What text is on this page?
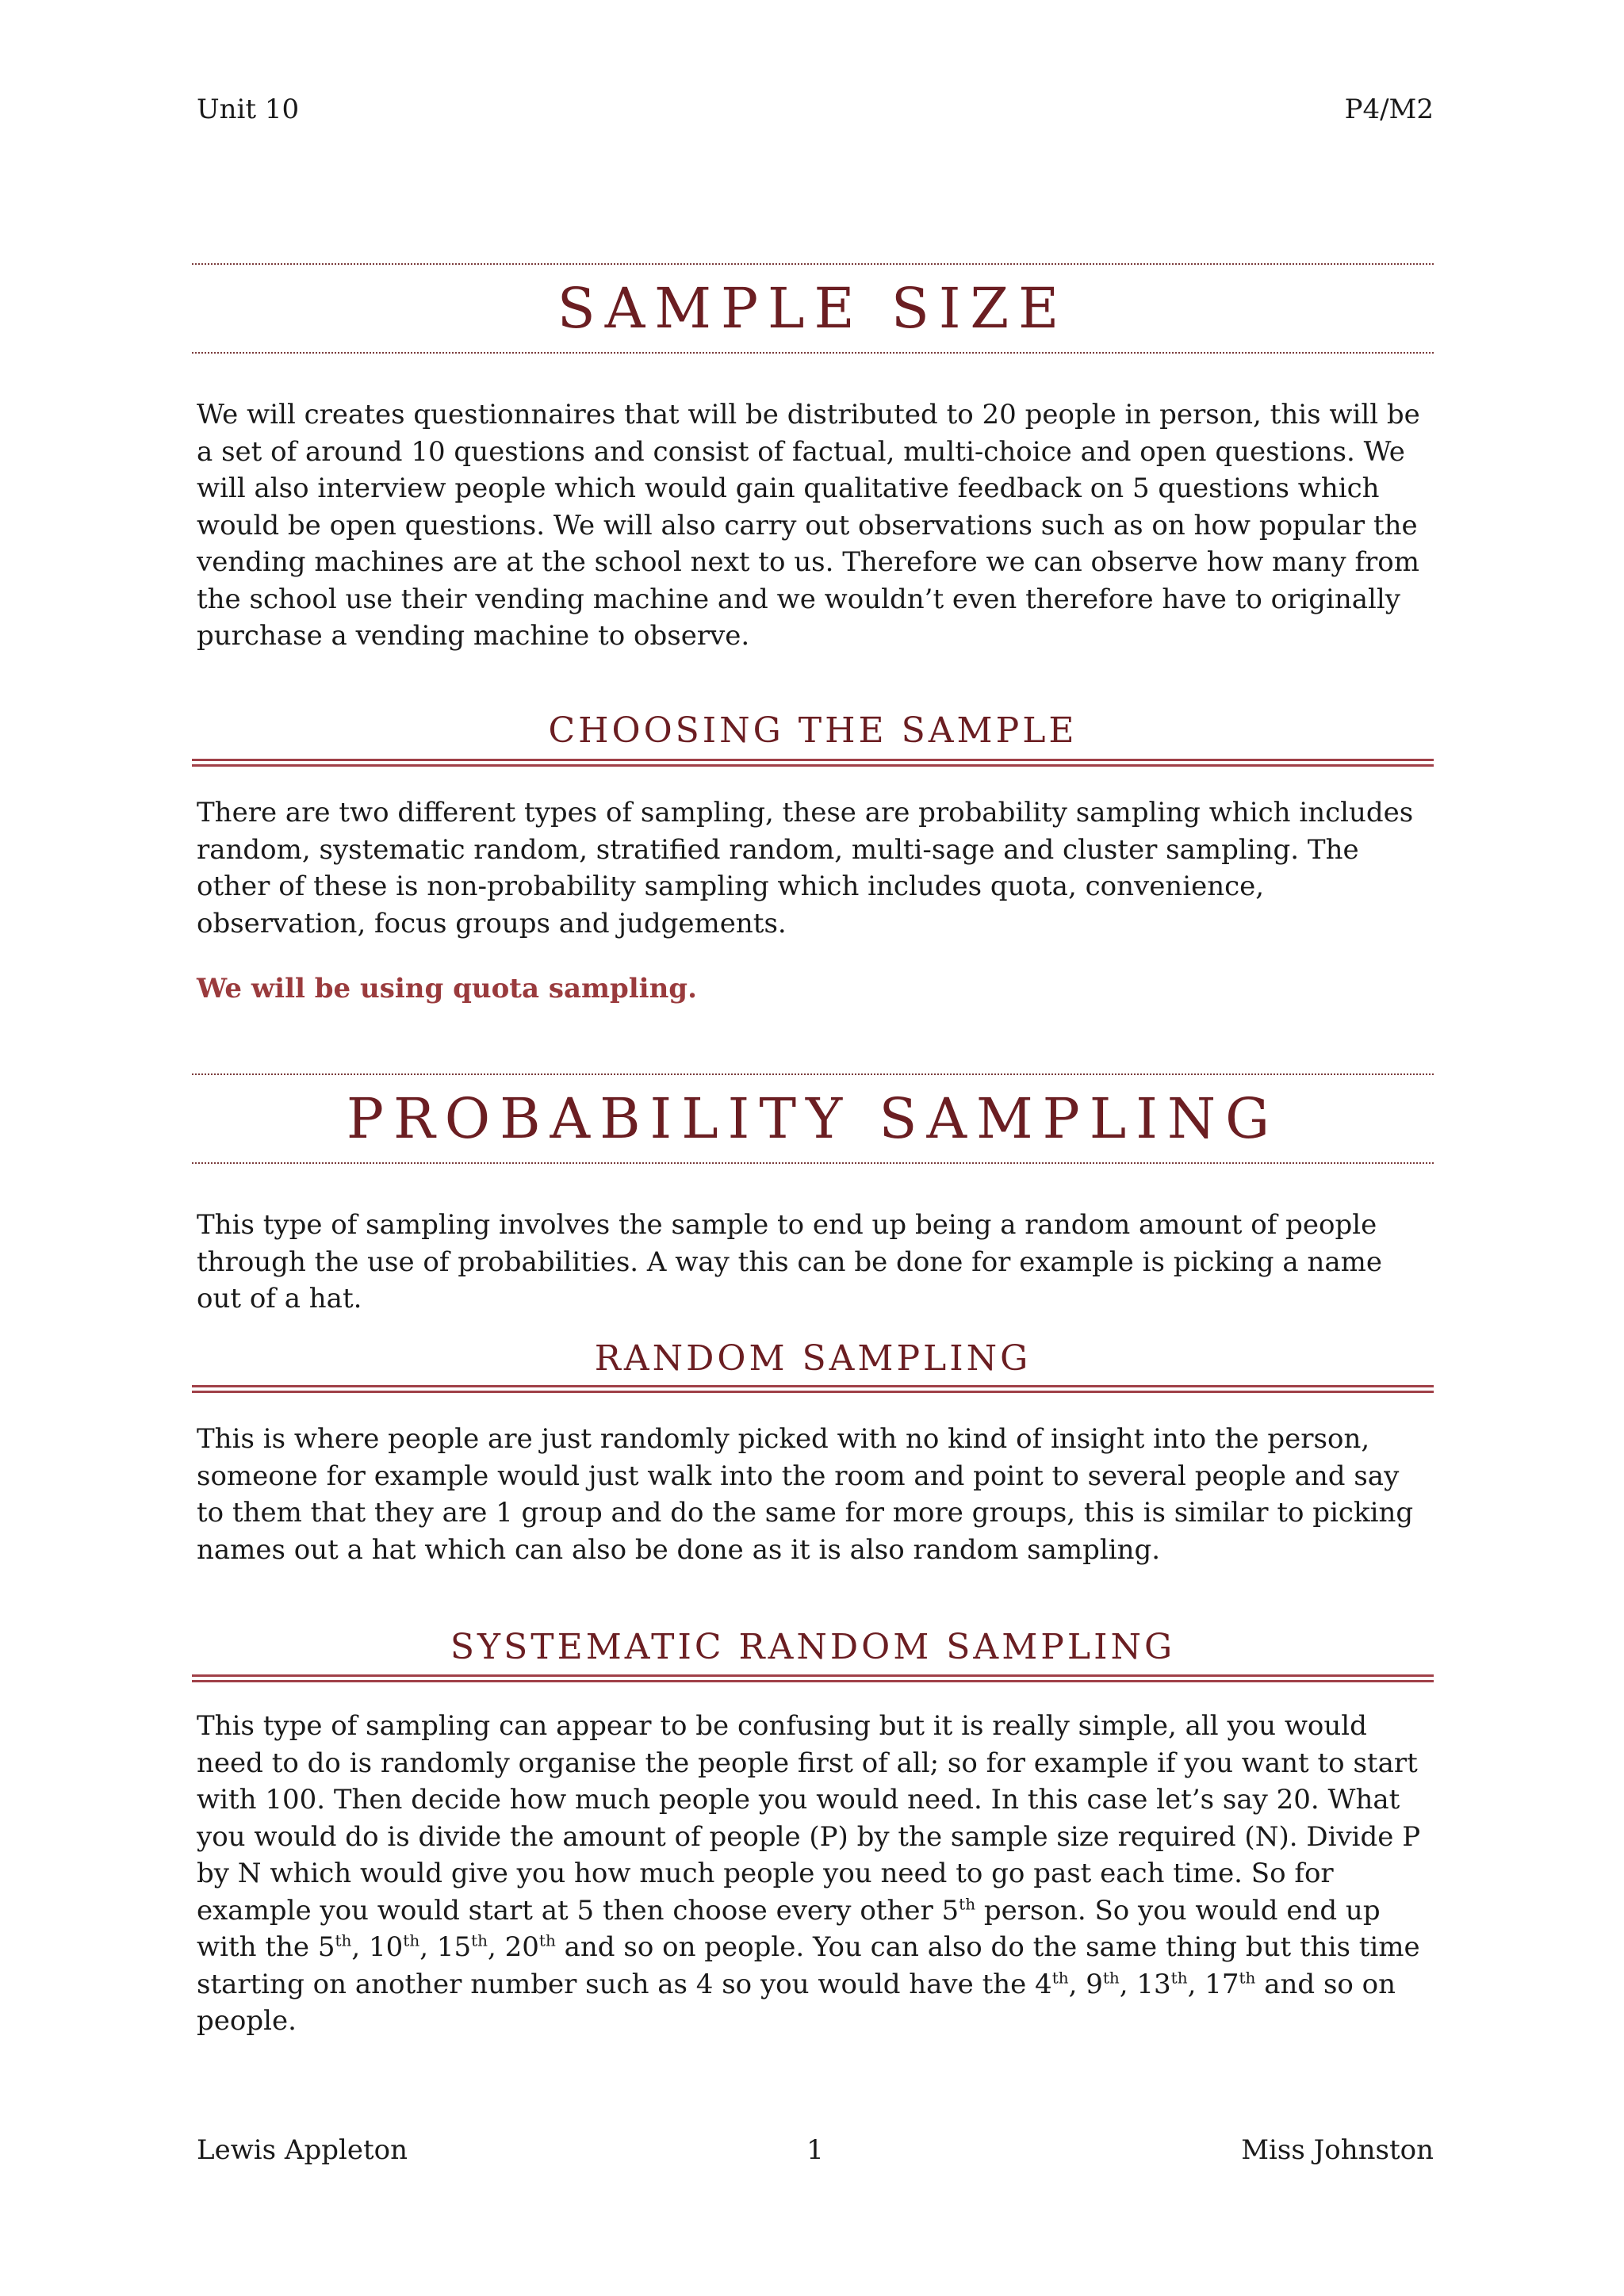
Unit 10	P4/M2
SAMPLE SIZE
We will creates questionnaires that will be distributed to 20 people in person, this will be a set of around 10 questions and consist of factual, multi-choice and open questions. We will also interview people which would gain qualitative feedback on 5 questions which would be open questions. We will also carry out observations such as on how popular the vending machines are at the school next to us. Therefore we can observe how many from the school use their vending machine and we wouldn’t even therefore have to originally purchase a vending machine to observe.
CHOOSING THE SAMPLE
There are two different types of sampling, these are probability sampling which includes random, systematic random, stratified random, multi-sage and cluster sampling. The other of these is non-probability sampling which includes quota, convenience, observation, focus groups and judgements.
We will be using quota sampling.
PROBABILITY SAMPLING
This type of sampling involves the sample to end up being a random amount of people through the use of probabilities. A way this can be done for example is picking a name out of a hat.
RANDOM SAMPLING
This is where people are just randomly picked with no kind of insight into the person, someone for example would just walk into the room and point to several people and say to them that they are 1 group and do the same for more groups, this is similar to picking names out a hat which can also be done as it is also random sampling.
SYSTEMATIC RANDOM SAMPLING
This type of sampling can appear to be confusing but it is really simple, all you would need to do is randomly organise the people first of all; so for example if you want to start with 100. Then decide how much people you would need. In this case let’s say 20. What you would do is divide the amount of people (P) by the sample size required (N). Divide P by N which would give you how much people you need to go past each time. So for example you would start at 5 then choose every other 5th person. So you would end up with the 5th, 10th, 15th, 20th and so on people. You can also do the same thing but this time starting on another number such as 4 so you would have the 4th, 9th, 13th, 17th and so on people.
Lewis Appleton	1	Miss Johnston
